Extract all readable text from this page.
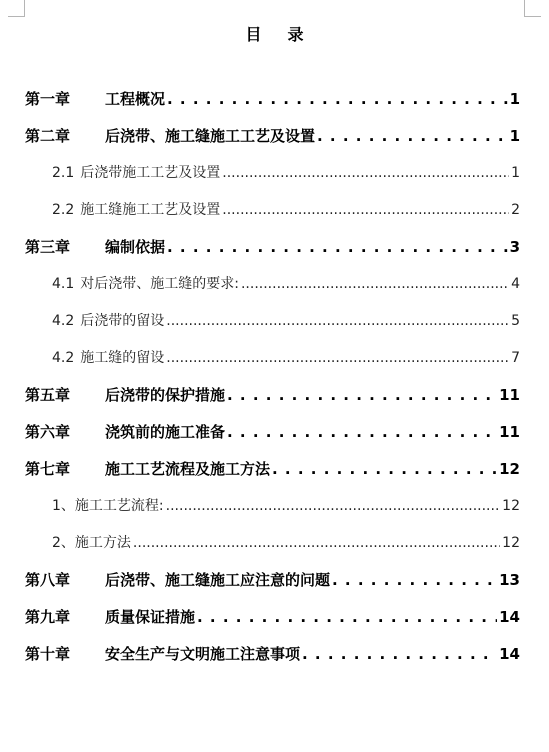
目 录
第一章	工程概况 . . .	1
第二章	后浇带、施工缝施工工艺及设置 . . .	1
2.1 后浇带施工工艺及设置 .....	1
2.2 施工缝施工工艺及设置 .....	2
第三章	编制依据 . . .	3
4.1 对后浇带、施工缝的要求: .....	4
4.2 后浇带的留设 .....	5
4.2 施工缝的留设 .....	7
第五章	后浇带的保护措施 . . .	11
第六章	浇筑前的施工准备 . . .	11
第七章	施工工艺流程及施工方法 . . .	12
1、 施工工艺流程: .....	12
2、 施工方法 .....	12
第八章	后浇带、施工缝施工应注意的问题 . . .	13
第九章	质量保证措施 . . .	14
第十章	安全生产与文明施工注意事项 . . .	14
